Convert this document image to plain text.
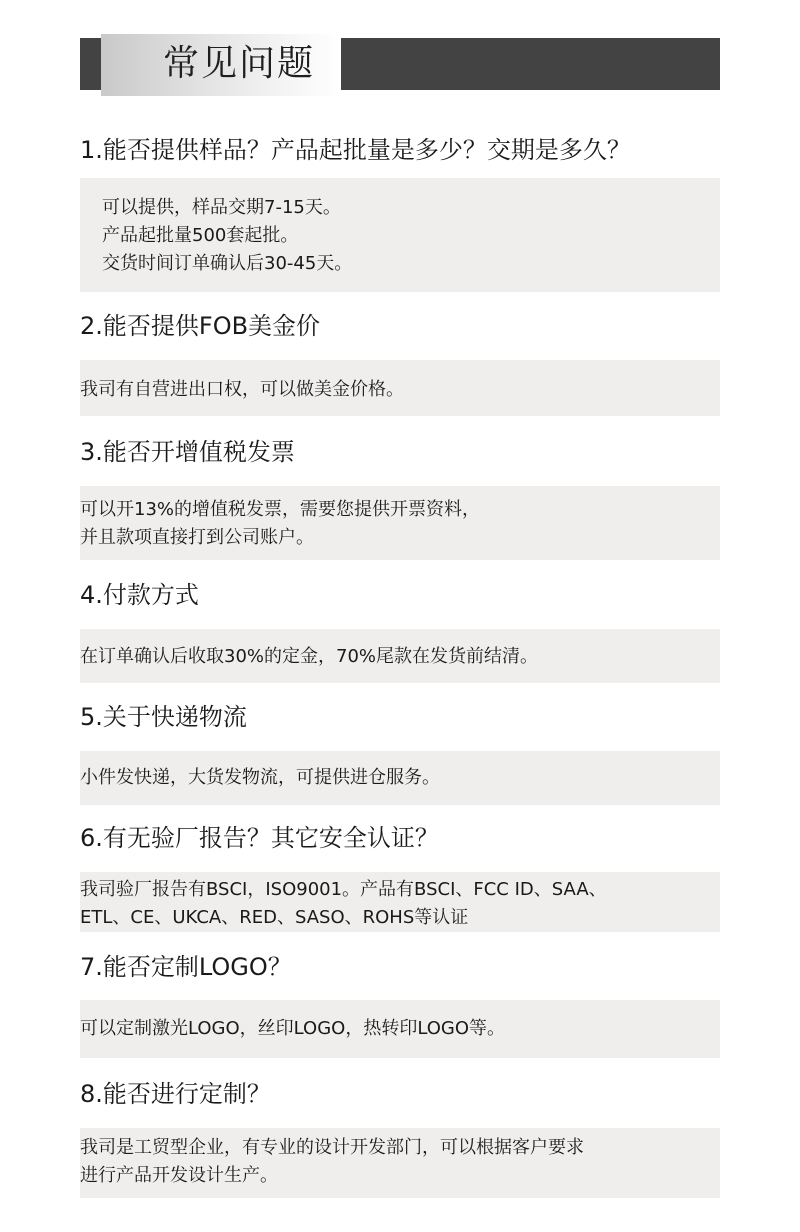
常见问题
1.能否提供样品？产品起批量是多少？交期是多久？
可以提供，样品交期7-15天。
产品起批量500套起批。
交货时间订单确认后30-45天。
2.能否提供FOB美金价
我司有自营进出口权，可以做美金价格。
3.能否开增值税发票
可以开13%的增值税发票，需要您提供开票资料，
并且款项直接打到公司账户。
4.付款方式
在订单确认后收取30%的定金，70%尾款在发货前结清。
5.关于快递物流
小件发快递，大货发物流，可提供进仓服务。
6.有无验厂报告？其它安全认证？
我司验厂报告有BSCI，ISO9001。产品有BSCI、FCC ID、SAA、
ETL、CE、UKCA、RED、SASO、ROHS等认证
7.能否定制LOGO？
可以定制激光LOGO，丝印LOGO，热转印LOGO等。
8.能否进行定制？
我司是工贸型企业，有专业的设计开发部门，可以根据客户要求
进行产品开发设计生产。
